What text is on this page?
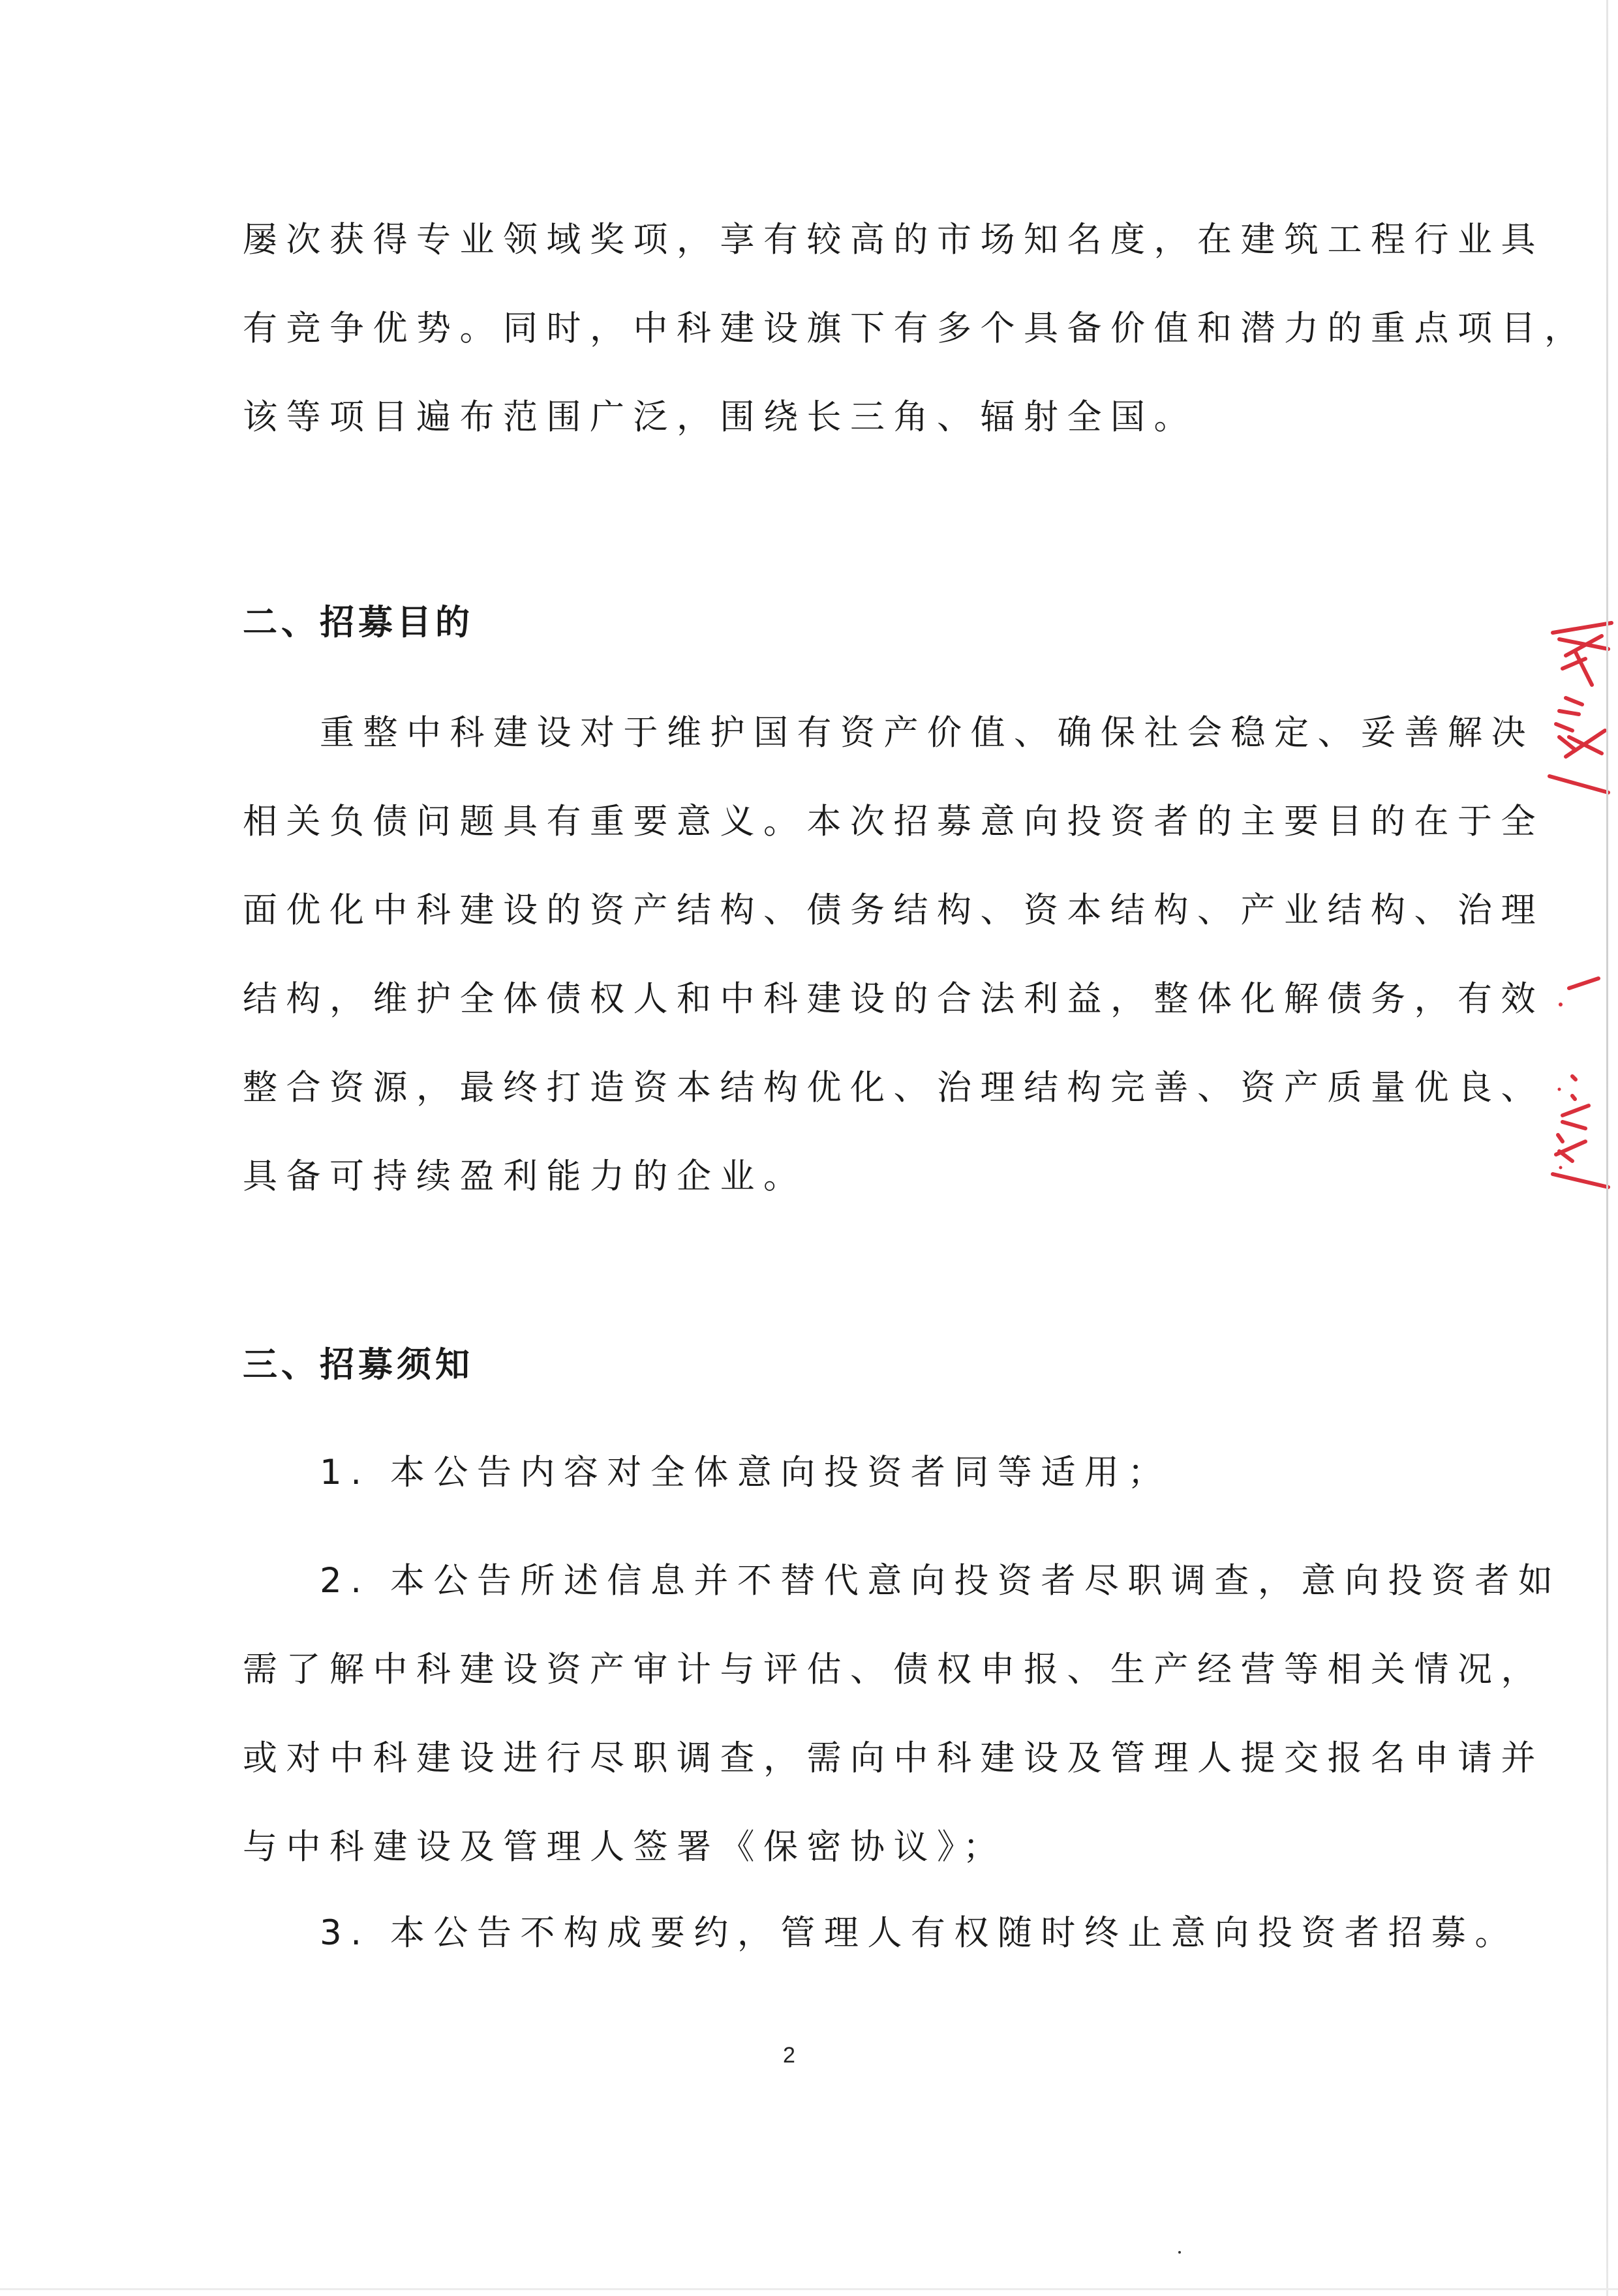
屡次获得专业领域奖项，享有较高的市场知名度，在建筑工程行业具

有竞争优势。同时，中科建设旗下有多个具备价值和潜力的重点项目，

该等项目遍布范围广泛，围绕长三角、辐射全国。

二、招募目的

重整中科建设对于维护国有资产价值、确保社会稳定、妥善解决

相关负债问题具有重要意义。本次招募意向投资者的主要目的在于全

面优化中科建设的资产结构、债务结构、资本结构、产业结构、治理

结构，维护全体债权人和中科建设的合法利益，整体化解债务，有效

整合资源，最终打造资本结构优化、治理结构完善、资产质量优良、

具备可持续盈利能力的企业。

三、招募须知

1. 本公告内容对全体意向投资者同等适用；

2. 本公告所述信息并不替代意向投资者尽职调查，意向投资者如

需了解中科建设资产审计与评估、债权申报、生产经营等相关情况，

或对中科建设进行尽职调查，需向中科建设及管理人提交报名申请并

与中科建设及管理人签署《保密协议》；

3. 本公告不构成要约，管理人有权随时终止意向投资者招募。

2
